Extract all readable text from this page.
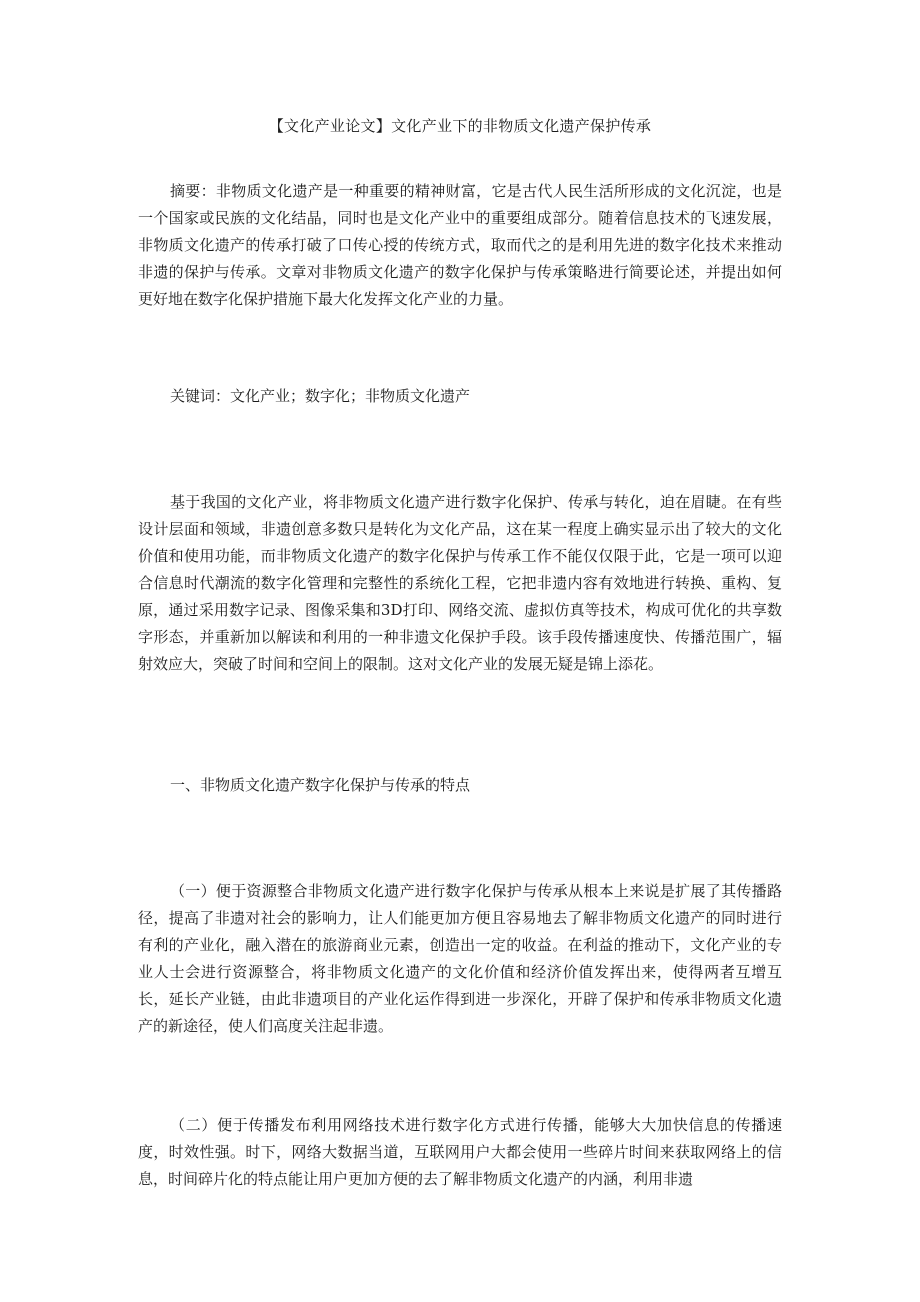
【文化产业论文】文化产业下的非物质文化遗产保护传承

摘要：非物质文化遗产是一种重要的精神财富，它是古代人民生活所形成的文化沉淀，也是一个国家或民族的文化结晶，同时也是文化产业中的重要组成部分。随着信息技术的飞速发展，非物质文化遗产的传承打破了口传心授的传统方式，取而代之的是利用先进的数字化技术来推动非遗的保护与传承。文章对非物质文化遗产的数字化保护与传承策略进行简要论述，并提出如何更好地在数字化保护措施下最大化发挥文化产业的力量。

关键词：文化产业；数字化；非物质文化遗产

基于我国的文化产业，将非物质文化遗产进行数字化保护、传承与转化，迫在眉睫。在有些设计层面和领域，非遗创意多数只是转化为文化产品，这在某一程度上确实显示出了较大的文化价值和使用功能，而非物质文化遗产的数字化保护与传承工作不能仅仅限于此，它是一项可以迎合信息时代潮流的数字化管理和完整性的系统化工程，它把非遗内容有效地进行转换、重构、复原，通过采用数字记录、图像采集和3D打印、网络交流、虚拟仿真等技术，构成可优化的共享数字形态，并重新加以解读和利用的一种非遗文化保护手段。该手段传播速度快、传播范围广，辐射效应大，突破了时间和空间上的限制。这对文化产业的发展无疑是锦上添花。

一、非物质文化遗产数字化保护与传承的特点

（一）便于资源整合非物质文化遗产进行数字化保护与传承从根本上来说是扩展了其传播路径，提高了非遗对社会的影响力，让人们能更加方便且容易地去了解非物质文化遗产的同时进行有利的产业化，融入潜在的旅游商业元素，创造出一定的收益。在利益的推动下，文化产业的专业人士会进行资源整合，将非物质文化遗产的文化价值和经济价值发挥出来，使得两者互增互长，延长产业链，由此非遗项目的产业化运作得到进一步深化，开辟了保护和传承非物质文化遗产的新途径，使人们高度关注起非遗。

（二）便于传播发布利用网络技术进行数字化方式进行传播，能够大大加快信息的传播速度，时效性强。时下，网络大数据当道，互联网用户大都会使用一些碎片时间来获取网络上的信息，时间碎片化的特点能让用户更加方便的去了解非物质文化遗产的内涵，利用非遗
